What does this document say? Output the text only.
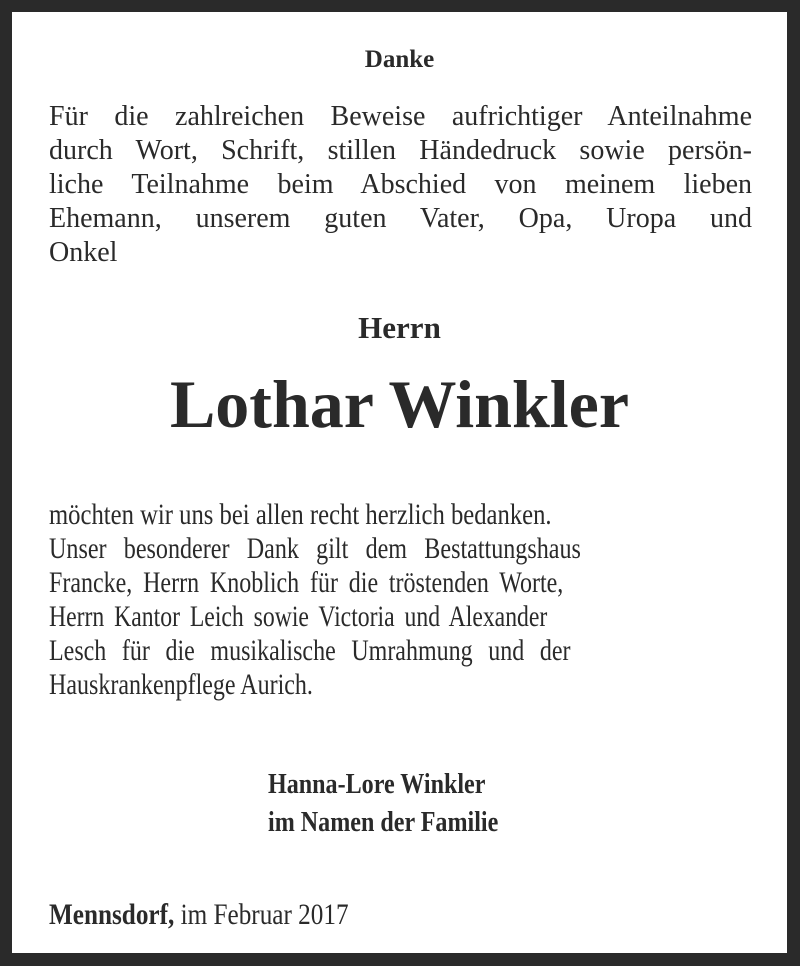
Danke
Für die zahlreichen Beweise aufrichtiger Anteilnahme
durch Wort, Schrift, stillen Händedruck sowie persön-
liche Teilnahme beim Abschied von meinem lieben
Ehemann, unserem guten Vater, Opa, Uropa und
Onkel
Herrn
Lothar Winkler
möchten wir uns bei allen recht herzlich bedanken.
Unser besonderer Dank gilt dem Bestattungshaus
Francke, Herrn Knoblich für die tröstenden Worte,
Herrn Kantor Leich sowie Victoria und Alexander
Lesch für die musikalische Umrahmung und der
Hauskrankenpflege Aurich.
Hanna-Lore Winkler
im Namen der Familie
Mennsdorf, im Februar 2017
